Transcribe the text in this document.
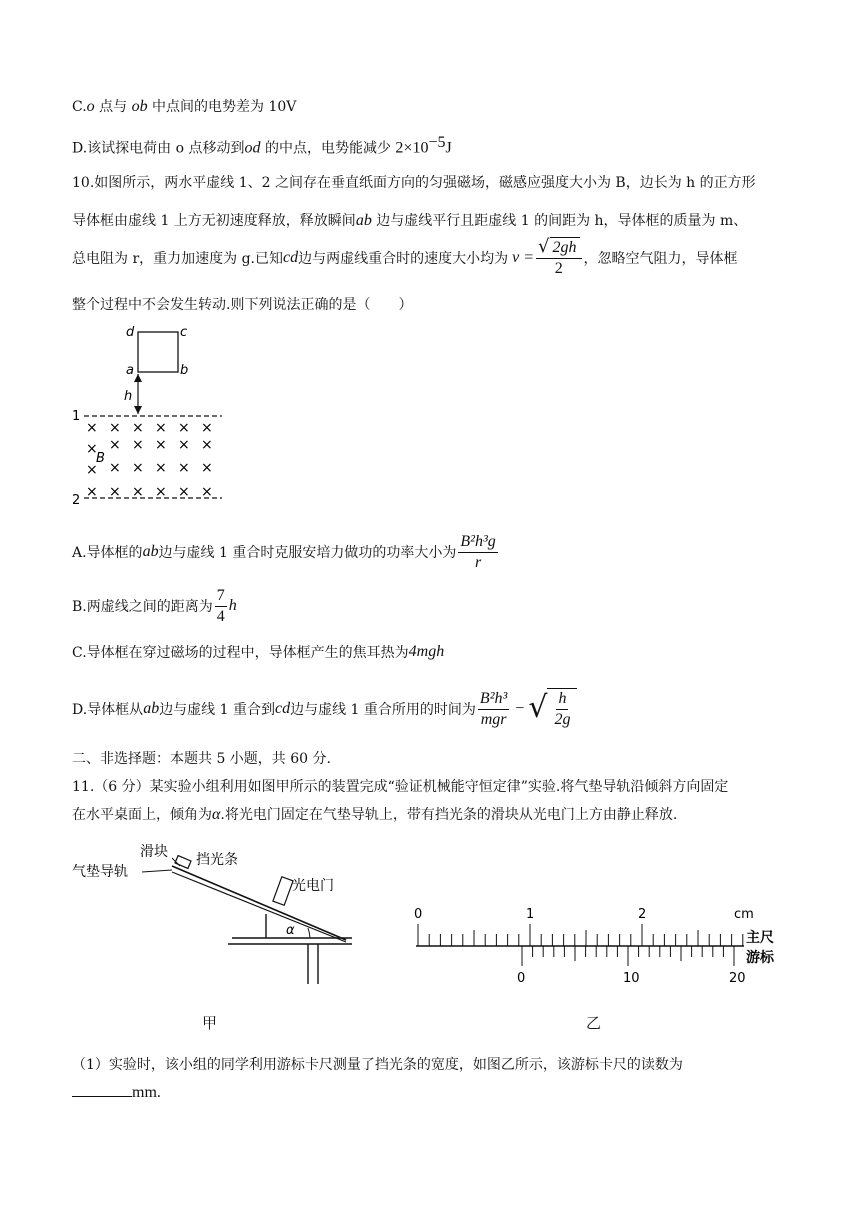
C.o 点与 ob 中点间的电势差为 10V
D.该试探电荷由 o 点移动到od 的中点，电势能减少 $2\times 10^{-5}J$
10.如图所示，两水平虚线 1、2 之间存在垂直纸面方向的匀强磁场，磁感应强度大小为 B，边长为 h 的正方形
导体框由虚线 1 上方无初速度释放，释放瞬间ab 边与虚线平行且距虚线 1 的间距为 h，导体框的质量为 m、
总电阻为 r，重力加速度为 g.已知 cd 边与两虚线重合时的速度大小均为 $v = \frac{√ 2gh}{2}$ ，忽略空气阻力，导体框
整个过程中不会发生转动.则下列说法正确的是（　　）
d	c
a	b
h
1
× × × × × ×
× × × × × ×
× × × × × ×
× × × × × ×
B
2
A.导体框的 ab 边与虚线 1 重合时克服安培力做功的功率大小为 $\frac{\text{B²h³g}}{r}$
B.两虚线之间的距离为 $\frac{7}{4}$ h
C.导体框在穿过磁场的过程中，导体框产生的焦耳热为 4mgh
D.导体框从 ab 边与虚线 1 重合到 cd 边与虚线 1 重合所用的时间为 $\frac{\text{B²h³}}{\text{mgr}}$ − √ $\frac{h}{2g}$
二、非选择题：本题共 5 小题，共 60 分.
11.（6 分）某实验小组利用如图甲所示的装置完成“验证机械能守恒定律”实验.将气垫导轨沿倾斜方向固定
在水平桌面上，倾角为α.将光电门固定在气垫导轨上，带有挡光条的滑块从光电门上方由静止释放.
滑块 挡光条
气垫导轨
光电门
α
甲
0	1	2	cm
主尺
游标
0	10	20
乙
（1）实验时，该小组的同学利用游标卡尺测量了挡光条的宽度，如图乙所示，该游标卡尺的读数为
mm.
